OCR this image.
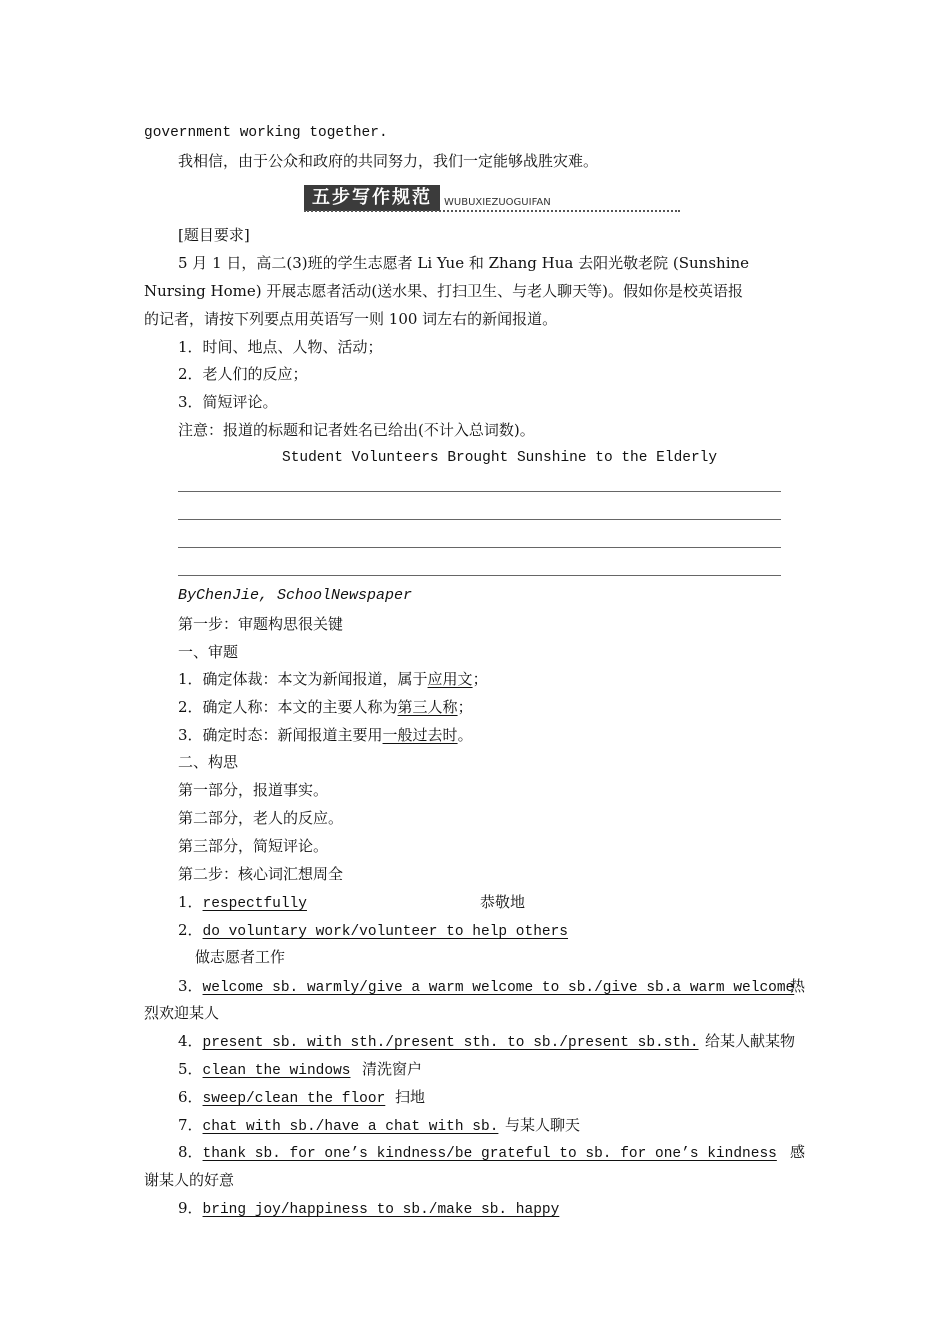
government working together.
我相信，由于公众和政府的共同努力，我们一定能够战胜灾难。
五步写作规范	WUBUXIEZUOGUIFAN
[题目要求]
5 月 1 日，高二(3)班的学生志愿者 Li Yue 和 Zhang Hua 去阳光敬老院 (Sunshine
Nursing Home) 开展志愿者活动(送水果、打扫卫生、与老人聊天等)。假如你是校英语报
的记者，请按下列要点用英语写一则 100 词左右的新闻报道。
1．时间、地点、人物、活动；
2．老人们的反应；
3．简短评论。
注意：报道的标题和记者姓名已给出(不计入总词数)。
Student Volunteers Brought Sunshine to the Elderly
ByChenJie, SchoolNewspaper
第一步：审题构思很关键
一、审题
1．确定体裁：本文为新闻报道，属于应用文；
2．确定人称：本文的主要人称为第三人称；
3．确定时态：新闻报道主要用一般过去时。
二、构思
第一部分，报道事实。
第二部分，老人的反应。
第三部分，简短评论。
第二步：核心词汇想周全
1．respectfully	恭敬地
2．do voluntary work/volunteer to help others
做志愿者工作
3．welcome sb. warmly/give a warm welcome to sb./give sb.a warm welcome
热
烈欢迎某人
4．present sb. with sth./present sth. to sb./present sb.sth. 给某人献某物
5．clean the windows 清洗窗户
6．sweep/clean the floor 扫地
7．chat with sb./have a chat with sb. 与某人聊天
8．thank sb. for one’s kindness/be grateful to sb. for one’s kindness 感
谢某人的好意
9．bring joy/happiness to sb./make sb. happy
